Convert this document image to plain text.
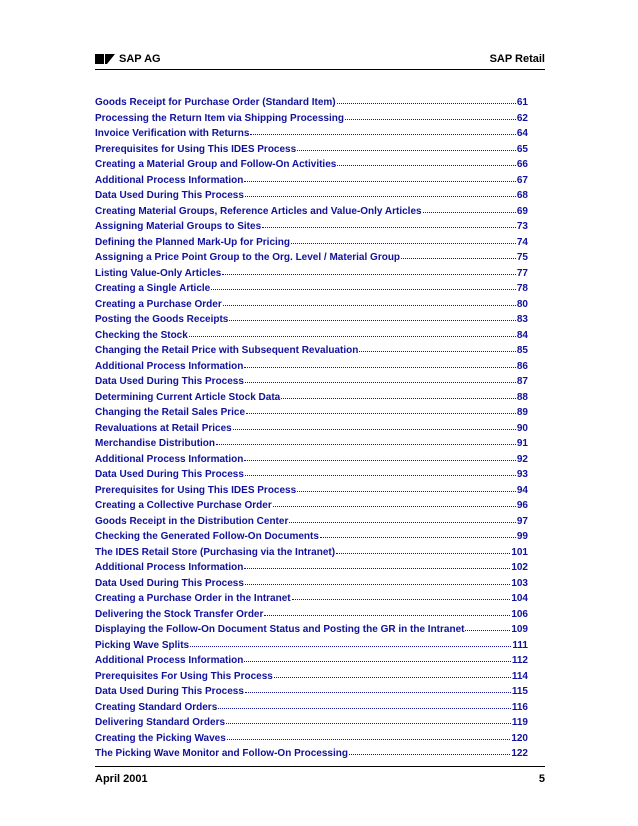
SAP AG	SAP Retail
Goods Receipt for Purchase Order (Standard Item)	61
Processing the Return Item via Shipping Processing	62
Invoice Verification with Returns	64
Prerequisites for Using This IDES Process	65
Creating a Material Group and Follow-On Activities	66
Additional Process Information	67
Data Used During This Process	68
Creating Material Groups, Reference Articles and Value-Only Articles	69
Assigning Material Groups to Sites	73
Defining the Planned Mark-Up for Pricing	74
Assigning a Price Point Group to the Org. Level / Material Group	75
Listing Value-Only Articles	77
Creating a Single Article	78
Creating a Purchase Order	80
Posting the Goods Receipts	83
Checking the Stock	84
Changing the Retail Price with Subsequent Revaluation	85
Additional Process Information	86
Data Used During This Process	87
Determining Current Article Stock Data	88
Changing the Retail Sales Price	89
Revaluations at Retail Prices	90
Merchandise Distribution	91
Additional Process Information	92
Data Used During This Process	93
Prerequisites for Using This IDES Process	94
Creating a Collective Purchase Order	96
Goods Receipt in the Distribution Center	97
Checking the Generated Follow-On Documents	99
The IDES Retail Store (Purchasing via the Intranet)	101
Additional Process Information	102
Data Used During This Process	103
Creating a Purchase Order in the Intranet	104
Delivering the Stock Transfer Order	106
Displaying the Follow-On Document Status and Posting the GR in the Intranet	109
Picking Wave Splits	111
Additional Process Information	112
Prerequisites For Using This Process	114
Data Used During This Process	115
Creating Standard Orders	116
Delivering Standard Orders	119
Creating the Picking Waves	120
The Picking Wave Monitor and Follow-On Processing	122
April 2001	5
